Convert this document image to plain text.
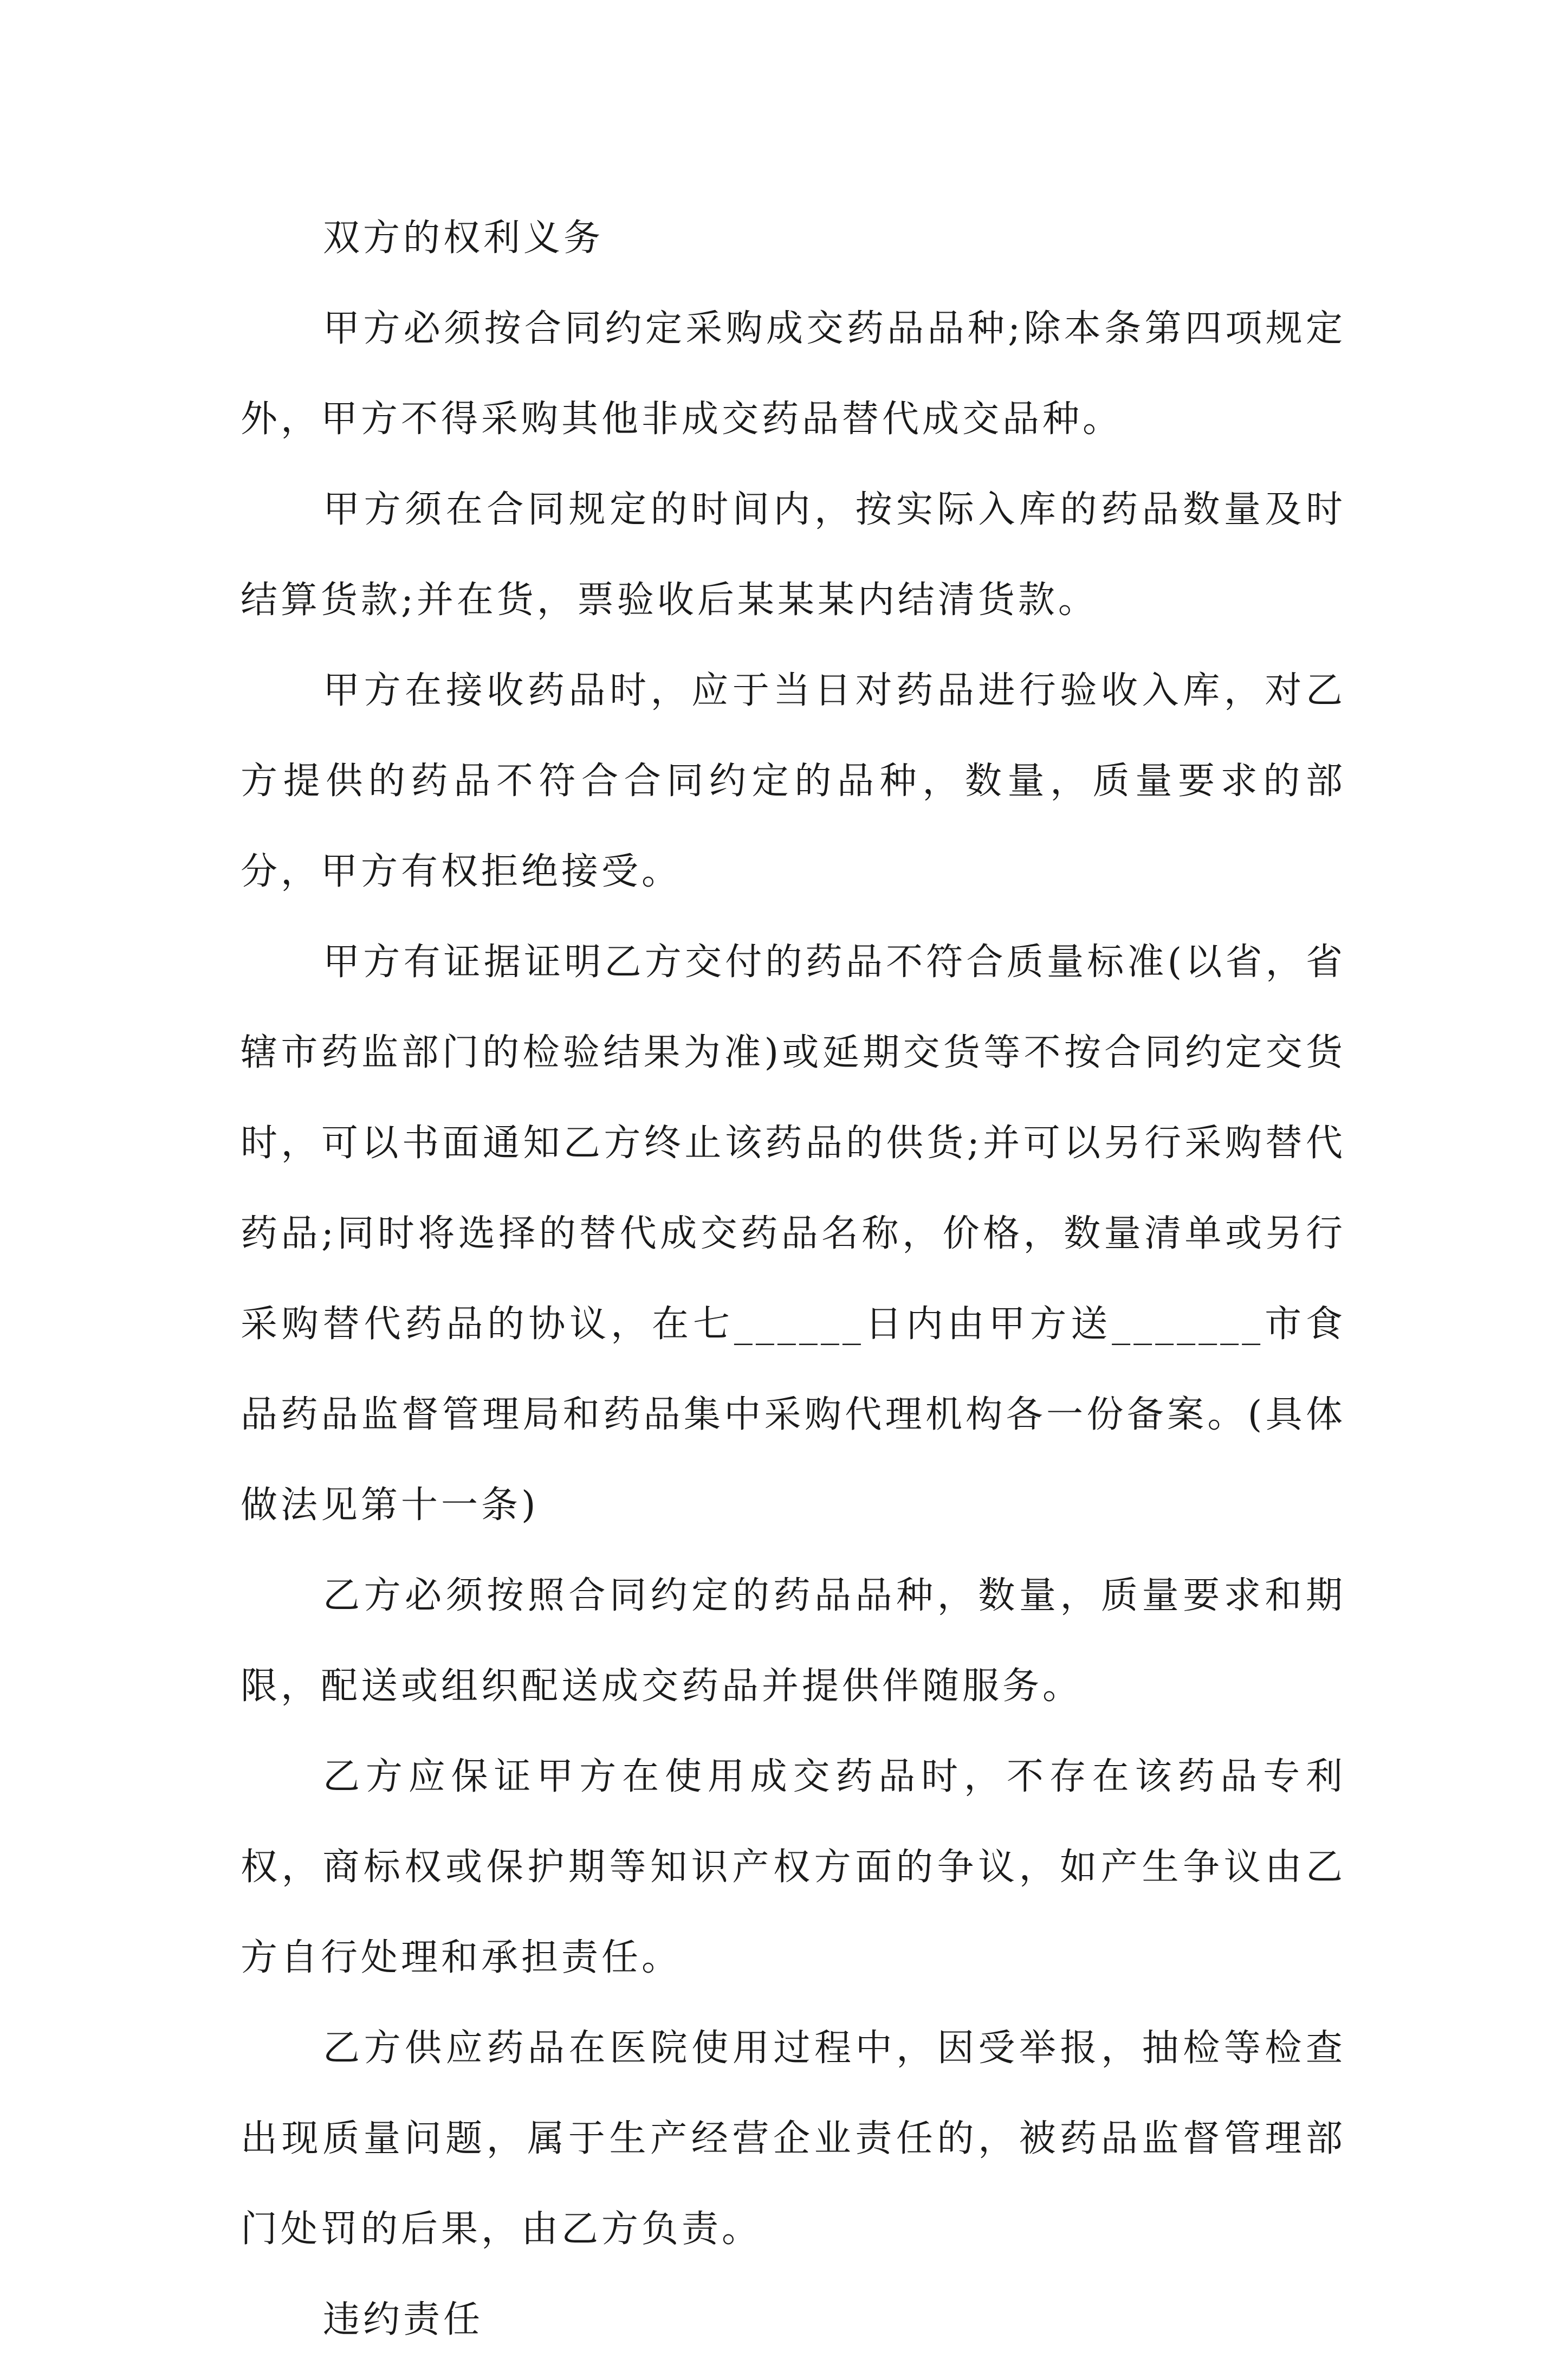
双方的权利义务

甲方必须按合同约定采购成交药品品种;除本条第四项规定外，甲方不得采购其他非成交药品替代成交品种。

甲方须在合同规定的时间内，按实际入库的药品数量及时结算货款;并在货，票验收后某某某内结清货款。

甲方在接收药品时，应于当日对药品进行验收入库，对乙方提供的药品不符合合同约定的品种，数量，质量要求的部分，甲方有权拒绝接受。

甲方有证据证明乙方交付的药品不符合质量标准(以省，省辖市药监部门的检验结果为准)或延期交货等不按合同约定交货时，可以书面通知乙方终止该药品的供货;并可以另行采购替代药品;同时将选择的替代成交药品名称，价格，数量清单或另行采购替代药品的协议，在七______日内由甲方送_______市食品药品监督管理局和药品集中采购代理机构各一份备案。(具体做法见第十一条)

乙方必须按照合同约定的药品品种，数量，质量要求和期限，配送或组织配送成交药品并提供伴随服务。

乙方应保证甲方在使用成交药品时，不存在该药品专利权，商标权或保护期等知识产权方面的争议，如产生争议由乙方自行处理和承担责任。

乙方供应药品在医院使用过程中，因受举报，抽检等检查出现质量问题，属于生产经营企业责任的，被药品监督管理部门处罚的后果，由乙方负责。

违约责任
